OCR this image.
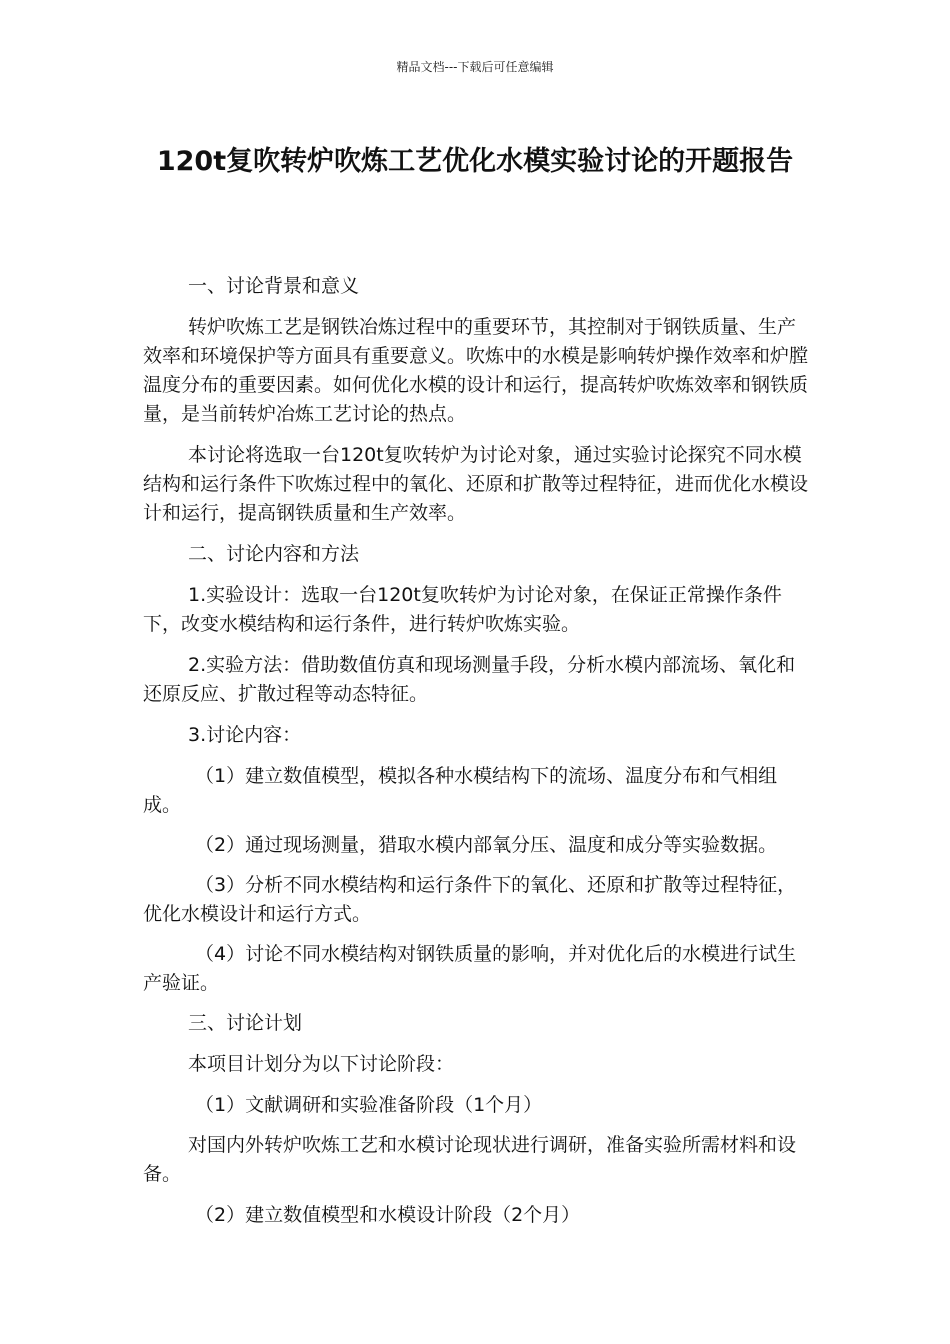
精品文档---下载后可任意编辑
120t复吹转炉吹炼工艺优化水模实验讨论的开题报告

一、讨论背景和意义

转炉吹炼工艺是钢铁冶炼过程中的重要环节，其控制对于钢铁质量、生产效率和环境保护等方面具有重要意义。吹炼中的水模是影响转炉操作效率和炉膛温度分布的重要因素。如何优化水模的设计和运行，提高转炉吹炼效率和钢铁质量，是当前转炉冶炼工艺讨论的热点。

本讨论将选取一台120t复吹转炉为讨论对象，通过实验讨论探究不同水模结构和运行条件下吹炼过程中的氧化、还原和扩散等过程特征，进而优化水模设计和运行，提高钢铁质量和生产效率。

二、讨论内容和方法

1.实验设计：选取一台120t复吹转炉为讨论对象，在保证正常操作条件下，改变水模结构和运行条件，进行转炉吹炼实验。

2.实验方法：借助数值仿真和现场测量手段，分析水模内部流场、氧化和还原反应、扩散过程等动态特征。

3.讨论内容：

（1）建立数值模型，模拟各种水模结构下的流场、温度分布和气相组成。

（2）通过现场测量，猎取水模内部氧分压、温度和成分等实验数据。

（3）分析不同水模结构和运行条件下的氧化、还原和扩散等过程特征，优化水模设计和运行方式。

（4）讨论不同水模结构对钢铁质量的影响，并对优化后的水模进行试生产验证。

三、讨论计划

本项目计划分为以下讨论阶段：

（1）文献调研和实验准备阶段（1个月）

对国内外转炉吹炼工艺和水模讨论现状进行调研，准备实验所需材料和设备。

（2）建立数值模型和水模设计阶段（2个月）
